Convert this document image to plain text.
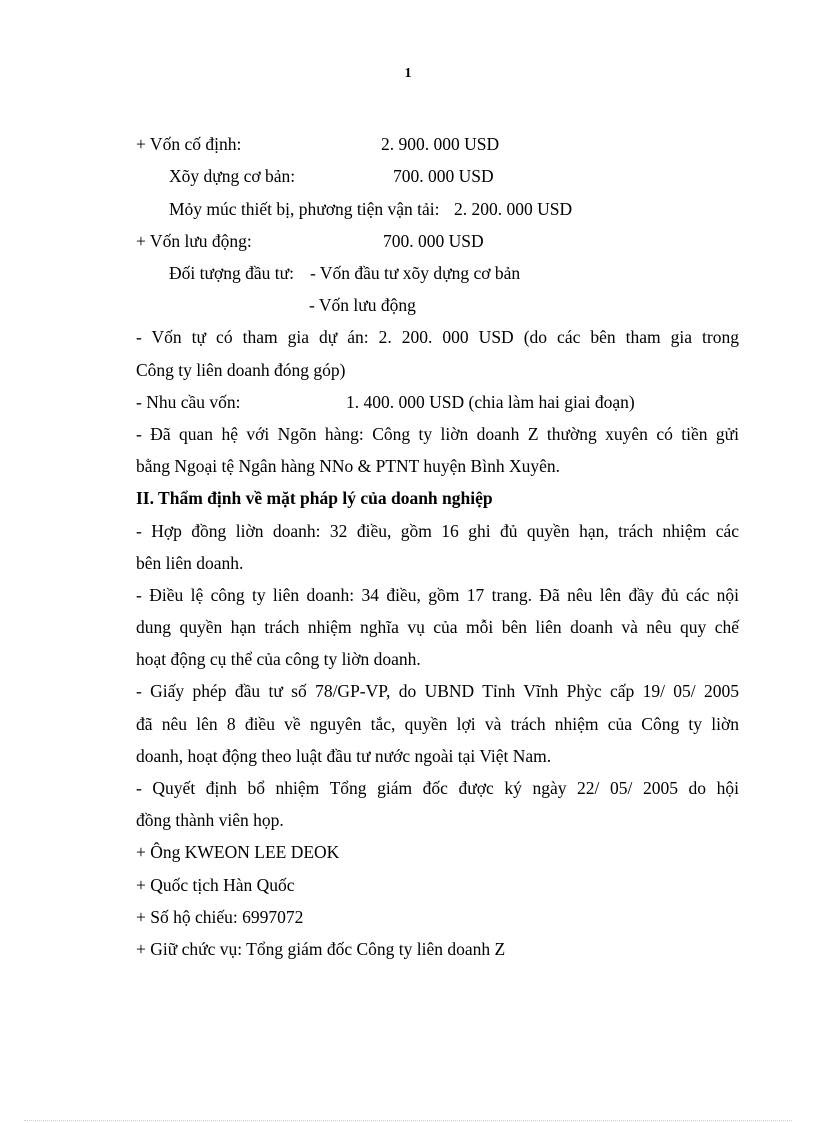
1
+ Vốn cố định:	2. 900. 000 USD
Xõy dựng cơ bản:	700. 000 USD
Mỏy múc thiết bị, phương tiện vận tải: 2. 200. 000 USD
+ Vốn lưu động:	700. 000 USD
Đối tượng đầu tư: - Vốn đầu tư xõy dựng cơ bản
- Vốn lưu động
- Vốn tự có tham gia dự án: 2. 200. 000 USD (do các bên tham gia trong
Công ty liên doanh đóng góp)
- Nhu cầu vốn:	1. 400. 000 USD (chia làm hai giai đoạn)
- Đã quan hệ với Ngõn hàng: Công ty liờn doanh Z thường xuyên có tiền gửi
bằng Ngoại tệ Ngân hàng NNo & PTNT huyện Bình Xuyên.
II. Thẩm định về mặt pháp lý của doanh nghiệp
- Hợp đồng liờn doanh: 32 điều, gồm 16 ghi đủ quyền hạn, trách nhiệm các
bên liên doanh.
- Điều lệ công ty liên doanh: 34 điều, gồm 17 trang. Đã nêu lên đầy đủ các nội
dung quyền hạn trách nhiệm nghĩa vụ của mỗi bên liên doanh và nêu quy chế
hoạt động cụ thể của công ty liờn doanh.
- Giấy phép đầu tư số 78/GP-VP, do UBND Tỉnh Vĩnh Phỳc cấp 19/ 05/ 2005
đã nêu lên 8 điều về nguyên tắc, quyền lợi và trách nhiệm của Công ty liờn
doanh, hoạt động theo luật đầu tư nước ngoài tại Việt Nam.
- Quyết định bổ nhiệm Tổng giám đốc được ký ngày 22/ 05/ 2005 do hội
đồng thành viên họp.
+ Ông KWEON LEE DEOK
+ Quốc tịch Hàn Quốc
+ Số hộ chiếu: 6997072
+ Giữ chức vụ: Tổng giám đốc Công ty liên doanh Z
